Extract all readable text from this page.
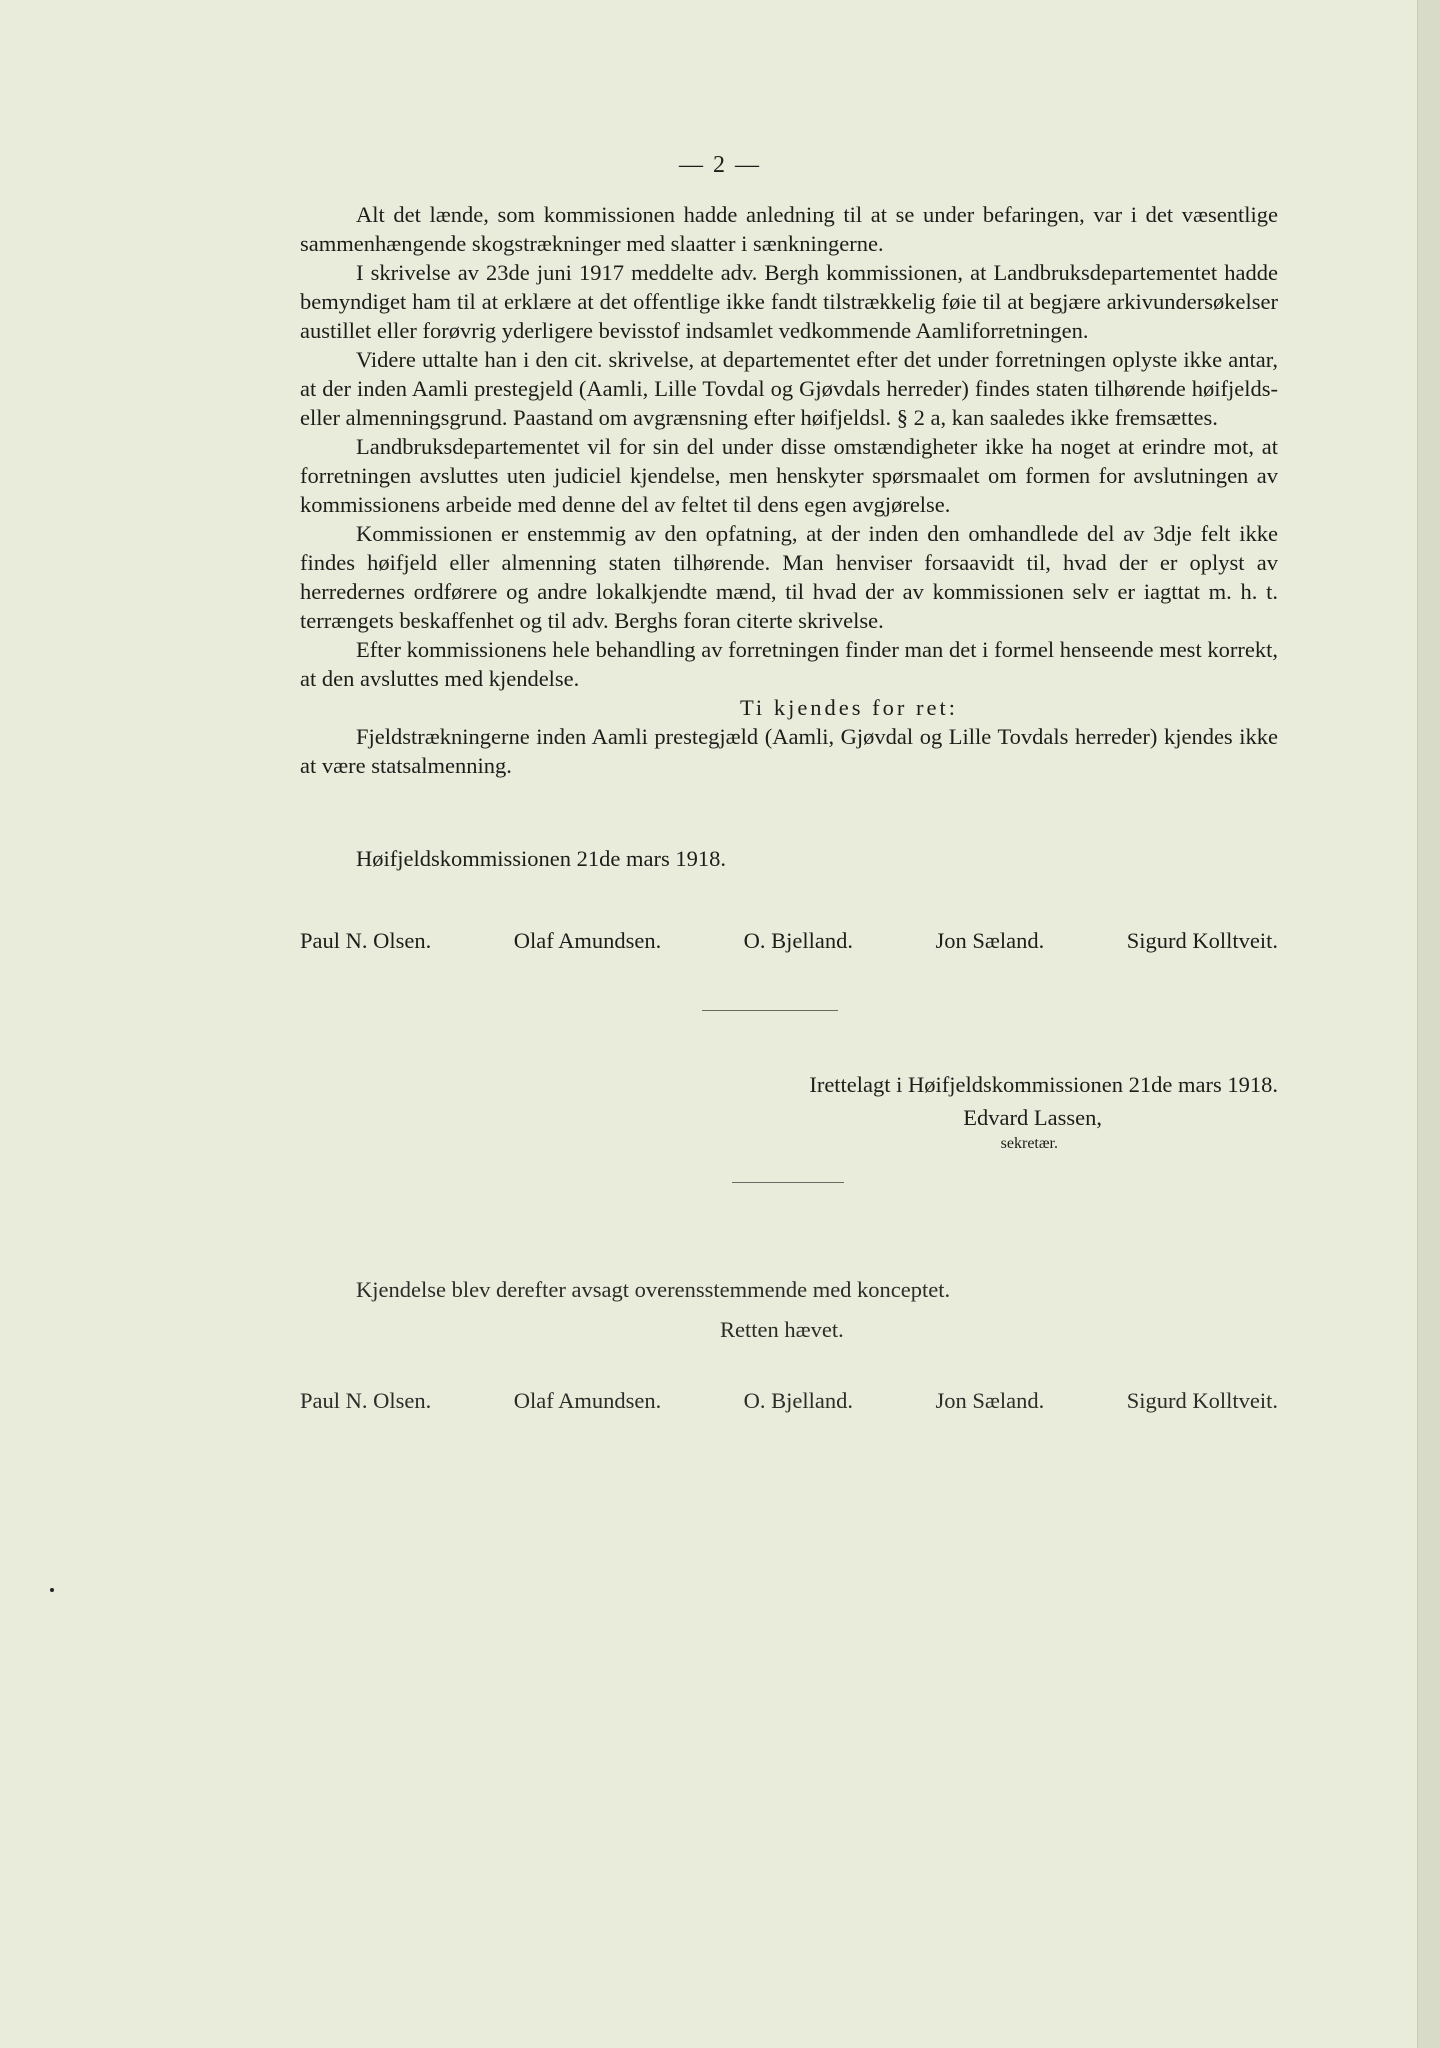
— 2 —

Alt det lænde, som kommissionen hadde anledning til at se under befaringen, var i det væsentlige sammenhængende skogstrækninger med slaatter i sænkningerne.

I skrivelse av 23de juni 1917 meddelte adv. Bergh kommissionen, at Landbruksdepartementet hadde bemyndiget ham til at erklære at det offentlige ikke fandt tilstrækkelig føie til at begjære arkivundersøkelser austillet eller forøvrig yderligere bevisstof indsamlet vedkommende Aamliforretningen.

Videre uttalte han i den cit. skrivelse, at departementet efter det under forretningen oplyste ikke antar, at der inden Aamli prestegjeld (Aamli, Lille Tovdal og Gjøvdals herreder) findes staten tilhørende høifjelds- eller almenningsgrund. Paastand om avgrænsning efter høifjeldsl. § 2 a, kan saaledes ikke fremsættes.

Landbruksdepartementet vil for sin del under disse omstændigheter ikke ha noget at erindre mot, at forretningen avsluttes uten judiciel kjendelse, men henskyter spørsmaalet om formen for avslutningen av kommissionens arbeide med denne del av feltet til dens egen avgjørelse.

Kommissionen er enstemmig av den opfatning, at der inden den omhandlede del av 3dje felt ikke findes høifjeld eller almenning staten tilhørende. Man henviser forsaavidt til, hvad der er oplyst av herredernes ordførere og andre lokalkjendte mænd, til hvad der av kommissionen selv er iagttat m. h. t. terrængets beskaffenhet og til adv. Berghs foran citerte skrivelse.

Efter kommissionens hele behandling av forretningen finder man det i formel henseende mest korrekt, at den avsluttes med kjendelse.

Ti kjendes for ret:

Fjeldstrækningerne inden Aamli prestegjæld (Aamli, Gjøvdal og Lille Tovdals herreder) kjendes ikke at være statsalmenning.

Høifjeldskommissionen 21de mars 1918.
Paul N. Olsen.	Olaf Amundsen.	O. Bjelland.	Jon Sæland.	Sigurd Kolltveit.
Irettelagt i Høifjeldskommissionen 21de mars 1918.
Edvard Lassen,
sekretær.
Kjendelse blev derefter avsagt overensstemmende med konceptet.
Retten hævet.
Paul N. Olsen.	Olaf Amundsen.	O. Bjelland.	Jon Sæland.	Sigurd Kolltveit.
